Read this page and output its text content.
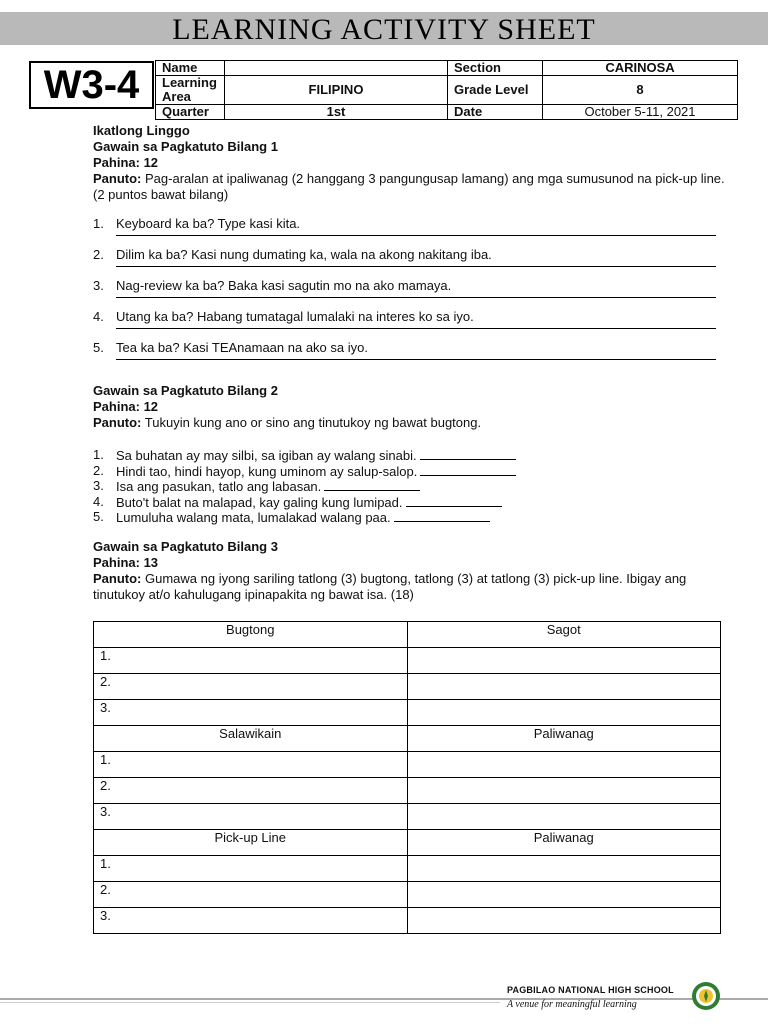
LEARNING ACTIVITY SHEET
W3-4	Name		Section	CARINOSA
Learning Area	FILIPINO	Grade Level	8
Quarter	1st	Date	October 5-11, 2021
Ikatlong Linggo
Gawain sa Pagkatuto Bilang 1
Pahina: 12

Panuto: Pag-aralan at ipaliwanag (2 hanggang 3 pangungusap lamang) ang mga sumusunod na pick-up line. (2 puntos bawat bilang)

1. Keyboard ka ba? Type kasi kita.
2. Dilim ka ba? Kasi nung dumating ka, wala na akong nakitang iba.
3. Nag-review ka ba? Baka kasi sagutin mo na ako mamaya.
4. Utang ka ba? Habang tumatagal lumalaki na interes ko sa iyo.
5. Tea ka ba? Kasi TEAnamaan na ako sa iyo.
Gawain sa Pagkatuto Bilang 2
Pahina: 12

Panuto: Tukuyin kung ano or sino ang tinutukoy ng bawat bugtong.

1. Sa buhatan ay may silbi, sa igiban ay walang sinabi.
2. Hindi tao, hindi hayop, kung uminom ay salup-salop.
3. Isa ang pasukan, tatlo ang labasan.
4. Buto't balat na malapad, kay galing kung lumipad.
5. Lumuluha walang mata, lumalakad walang paa.
Gawain sa Pagkatuto Bilang 3
Pahina: 13

Panuto: Gumawa ng iyong sariling tatlong (3) bugtong, tatlong (3) at tatlong (3) pick-up line. Ibigay ang tinutukoy at/o kahulugang ipinapakita ng bawat isa. (18)

Bugtong	Sagot
1.	
2.	
3.	
Salawikain	Paliwanag
1.	
2.	
3.	
Pick-up Line	Paliwanag
1.	
2.	
3.	
PAGBILAO NATIONAL HIGH SCHOOL
A venue for meaningful learning
